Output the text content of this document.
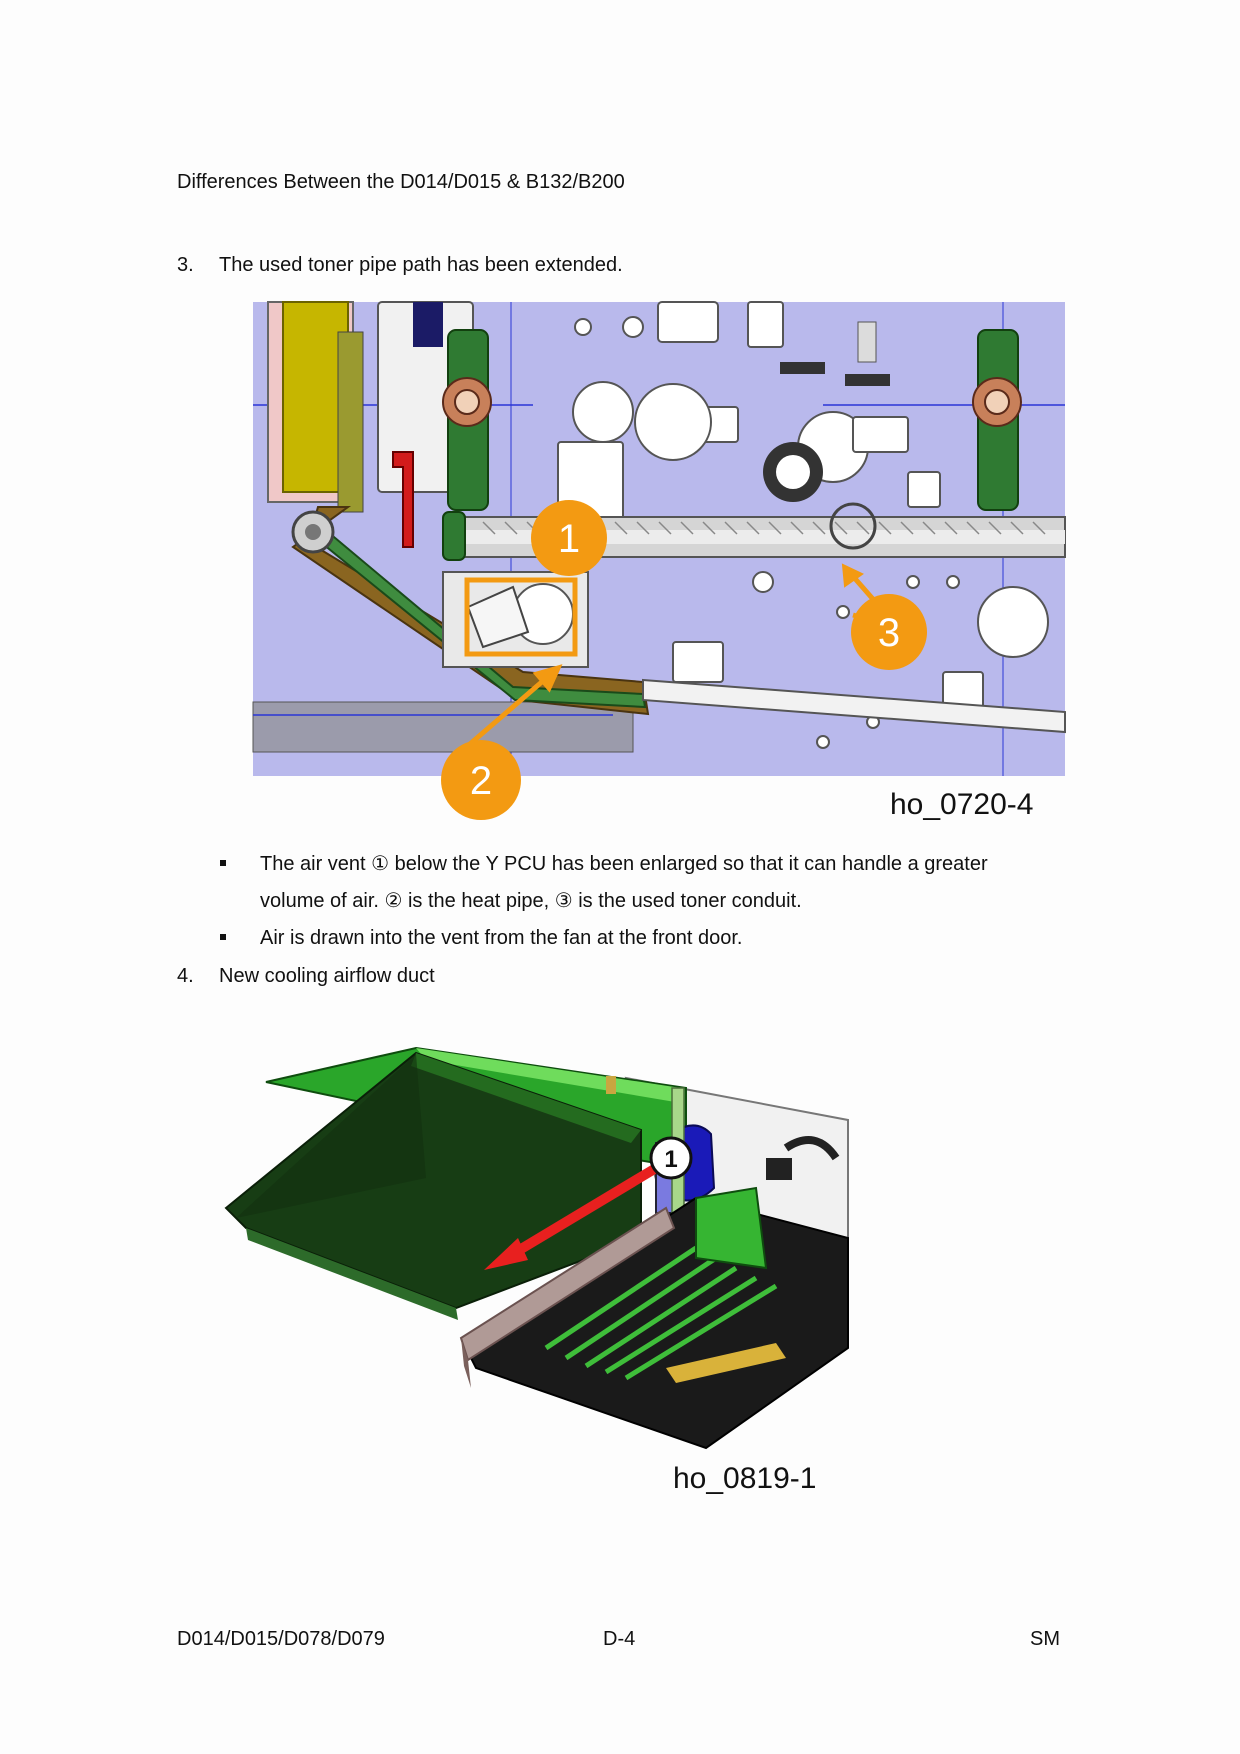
Differences Between the D014/D015 & B132/B200
3. The used toner pipe path has been extended.
1
2
3
ho_0720-4
The air vent ① below the Y PCU has been enlarged so that it can handle a greater
volume of air. ② is the heat pipe, ③ is the used toner conduit.
Air is drawn into the vent from the fan at the front door.
4. New cooling airflow duct
1
ho_0819-1
D014/D015/D078/D079	D-4	SM
